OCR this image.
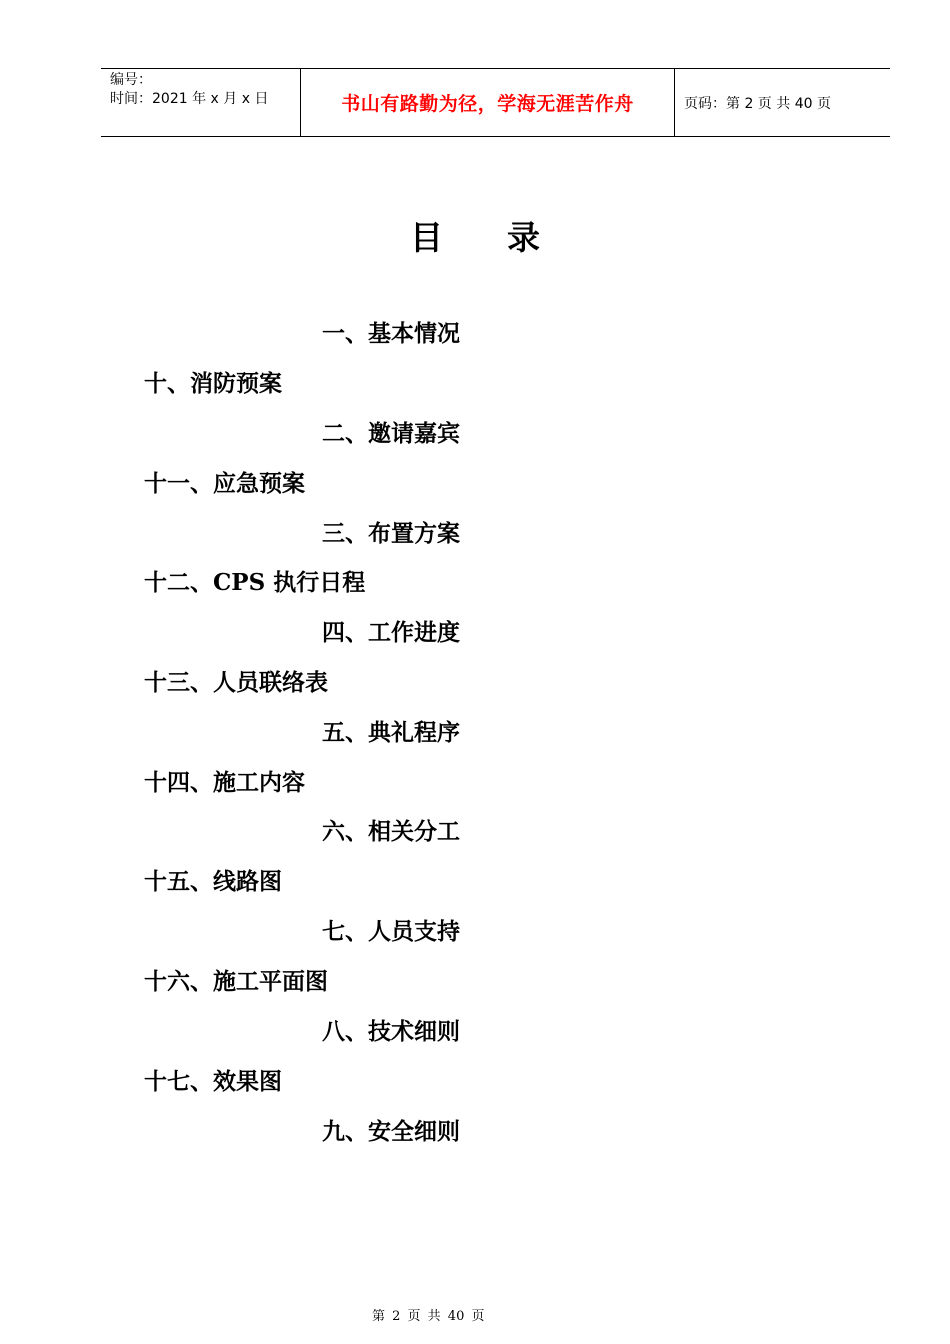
编号：
时间：2021 年 x 月 x 日	书山有路勤为径，学海无涯苦作舟	页码：第 2 页 共 40 页
目录
一、基本情况
十、消防预案
二、邀请嘉宾
十一、应急预案
三、布置方案
十二、CPS 执行日程
四、工作进度
十三、人员联络表
五、典礼程序
十四、施工内容
六、相关分工
十五、线路图
七、人员支持
十六、施工平面图
八、技术细则
十七、效果图
九、安全细则
第 2 页 共 40 页
